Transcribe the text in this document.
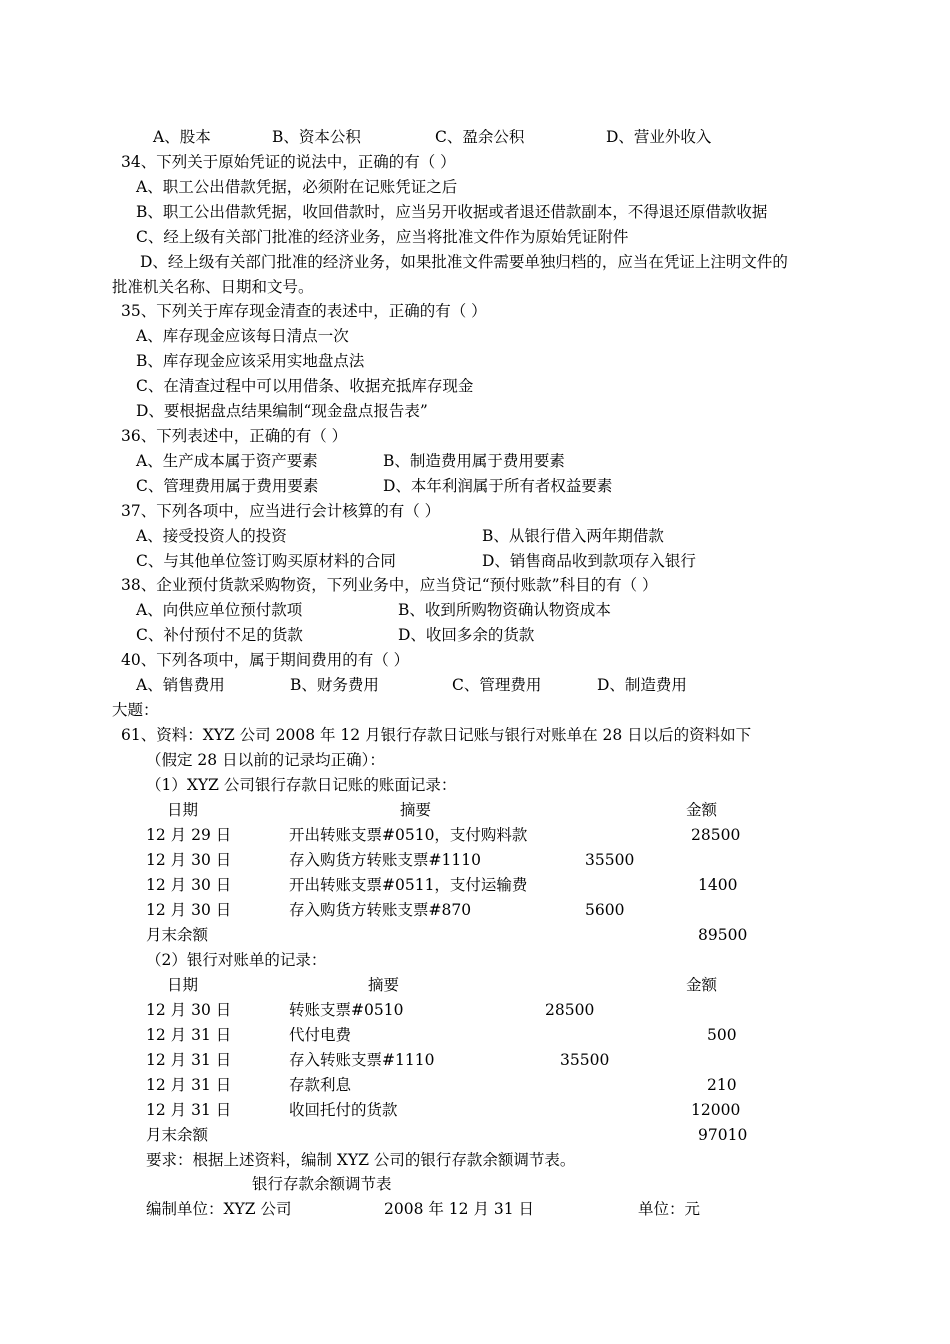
A、股本	B、资本公积	C、盈余公积	D、营业外收入
34、下列关于原始凭证的说法中，正确的有（ ）
A、职工公出借款凭据，必须附在记账凭证之后
B、职工公出借款凭据，收回借款时，应当另开收据或者退还借款副本，不得退还原借款收据
C、经上级有关部门批准的经济业务，应当将批准文件作为原始凭证附件
D、经上级有关部门批准的经济业务，如果批准文件需要单独归档的，应当在凭证上注明文件的
批准机关名称、日期和文号。
35、下列关于库存现金清查的表述中，正确的有（ ）
A、库存现金应该每日清点一次
B、库存现金应该采用实地盘点法
C、在清查过程中可以用借条、收据充抵库存现金
D、要根据盘点结果编制“现金盘点报告表”
36、下列表述中，正确的有（ ）
A、生产成本属于资产要素	B、制造费用属于费用要素
C、管理费用属于费用要素	D、本年利润属于所有者权益要素
37、下列各项中，应当进行会计核算的有（ ）
A、接受投资人的投资	B、从银行借入两年期借款
C、与其他单位签订购买原材料的合同	D、销售商品收到款项存入银行
38、企业预付货款采购物资，下列业务中，应当贷记“预付账款”科目的有（ ）
A、向供应单位预付款项	B、收到所购物资确认物资成本
C、补付预付不足的货款	D、收回多余的货款
40、下列各项中，属于期间费用的有（ ）
A、销售费用	B、财务费用	C、管理费用	D、制造费用
大题：
61、资料：XYZ 公司 2008 年 12 月银行存款日记账与银行对账单在 28 日以后的资料如下
（假定 28 日以前的记录均正确）：
（1）XYZ 公司银行存款日记账的账面记录：
日期	摘要	金额
12 月 29 日	开出转账支票#0510，支付购料款	28500
12 月 30 日	存入购货方转账支票#1110	35500
12 月 30 日	开出转账支票#0511，支付运输费	1400
12 月 30 日	存入购货方转账支票#870	5600
月末余额	89500
（2）银行对账单的记录：
日期	摘要	金额
12 月 30 日	转账支票#0510	28500
12 月 31 日	代付电费	500
12 月 31 日	存入转账支票#1110	35500
12 月 31 日	存款利息	210
12 月 31 日	收回托付的货款	12000
月末余额	97010
要求：根据上述资料，编制 XYZ 公司的银行存款余额调节表。
银行存款余额调节表
编制单位：XYZ 公司	2008 年 12 月 31 日	单位：元
